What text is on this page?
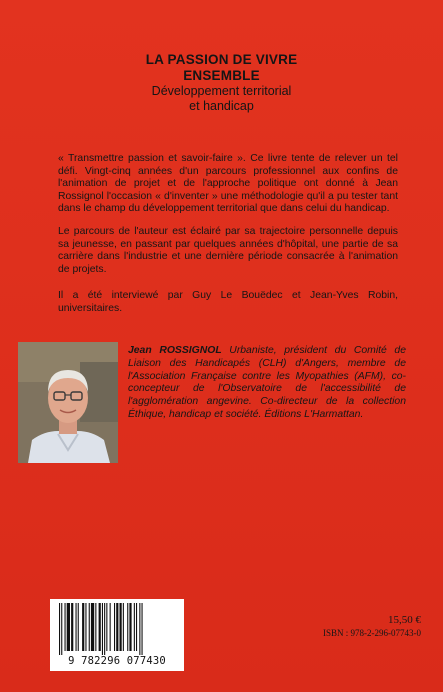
LA PASSION DE VIVRE
ENSEMBLE
Développement territorial
et handicap
« Transmettre passion et savoir-faire ». Ce livre tente de relever un tel défi. Vingt-cinq années d'un parcours professionnel aux confins de l'animation de projet et de l'approche politique ont donné à Jean Rossignol l'occasion « d'inventer » une méthodologie qu'il a pu tester tant dans le champ du développement territorial que dans celui du handicap.
Le parcours de l'auteur est éclairé par sa trajectoire personnelle depuis sa jeunesse, en passant par quelques années d'hôpital, une partie de sa carrière dans l'industrie et une dernière période consacrée à l'animation de projets.
Il a été interviewé par Guy Le Bouëdec et Jean-Yves Robin, universitaires.
Jean ROSSIGNOL Urbaniste, président du Comité de Liaison des Handicapés (CLH) d'Angers, membre de l'Association Française contre les Myopathies (AFM), co-concepteur de l'Observatoire de l'accessibilité de l'agglomération angevine. Co-directeur de la collection Éthique, handicap et société. Éditions L'Harmattan.
9 782296 077430
15,50 €
ISBN : 978-2-296-07743-0
